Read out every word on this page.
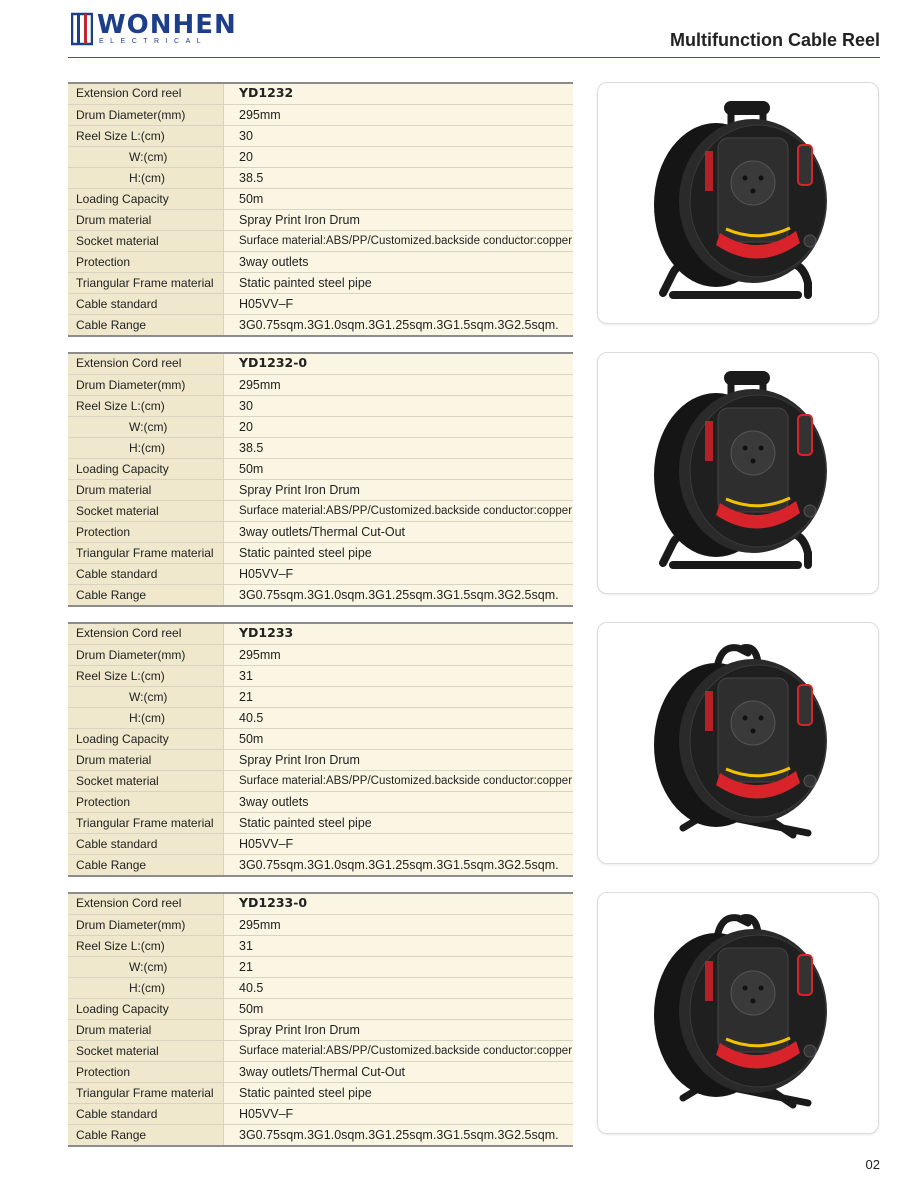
WONHEN
ELECTRICAL	Multifunction Cable Reel
Extension Cord reel	YD1232
Drum Diameter(mm)	295mm
Reel Size L:(cm)	30
W:(cm)	20
H:(cm)	38.5
Loading Capacity	50m
Drum material	Spray Print Iron Drum
Socket material	Surface material:ABS/PP/Customized.backside conductor:copper
Protection	3way outlets
Triangular Frame material	Static painted steel pipe
Cable standard	H05VV–F
Cable Range	3G0.75sqm.3G1.0sqm.3G1.25sqm.3G1.5sqm.3G2.5sqm.
Extension Cord reel	YD1232-0
Drum Diameter(mm)	295mm
Reel Size L:(cm)	30
W:(cm)	20
H:(cm)	38.5
Loading Capacity	50m
Drum material	Spray Print Iron Drum
Socket material	Surface material:ABS/PP/Customized.backside conductor:copper
Protection	3way outlets/Thermal Cut-Out
Triangular Frame material	Static painted steel pipe
Cable standard	H05VV–F
Cable Range	3G0.75sqm.3G1.0sqm.3G1.25sqm.3G1.5sqm.3G2.5sqm.
Extension Cord reel	YD1233
Drum Diameter(mm)	295mm
Reel Size L:(cm)	31
W:(cm)	21
H:(cm)	40.5
Loading Capacity	50m
Drum material	Spray Print Iron Drum
Socket material	Surface material:ABS/PP/Customized.backside conductor:copper
Protection	3way outlets
Triangular Frame material	Static painted steel pipe
Cable standard	H05VV–F
Cable Range	3G0.75sqm.3G1.0sqm.3G1.25sqm.3G1.5sqm.3G2.5sqm.
Extension Cord reel	YD1233-0
Drum Diameter(mm)	295mm
Reel Size L:(cm)	31
W:(cm)	21
H:(cm)	40.5
Loading Capacity	50m
Drum material	Spray Print Iron Drum
Socket material	Surface material:ABS/PP/Customized.backside conductor:copper
Protection	3way outlets/Thermal Cut-Out
Triangular Frame material	Static painted steel pipe
Cable standard	H05VV–F
Cable Range	3G0.75sqm.3G1.0sqm.3G1.25sqm.3G1.5sqm.3G2.5sqm.
02
